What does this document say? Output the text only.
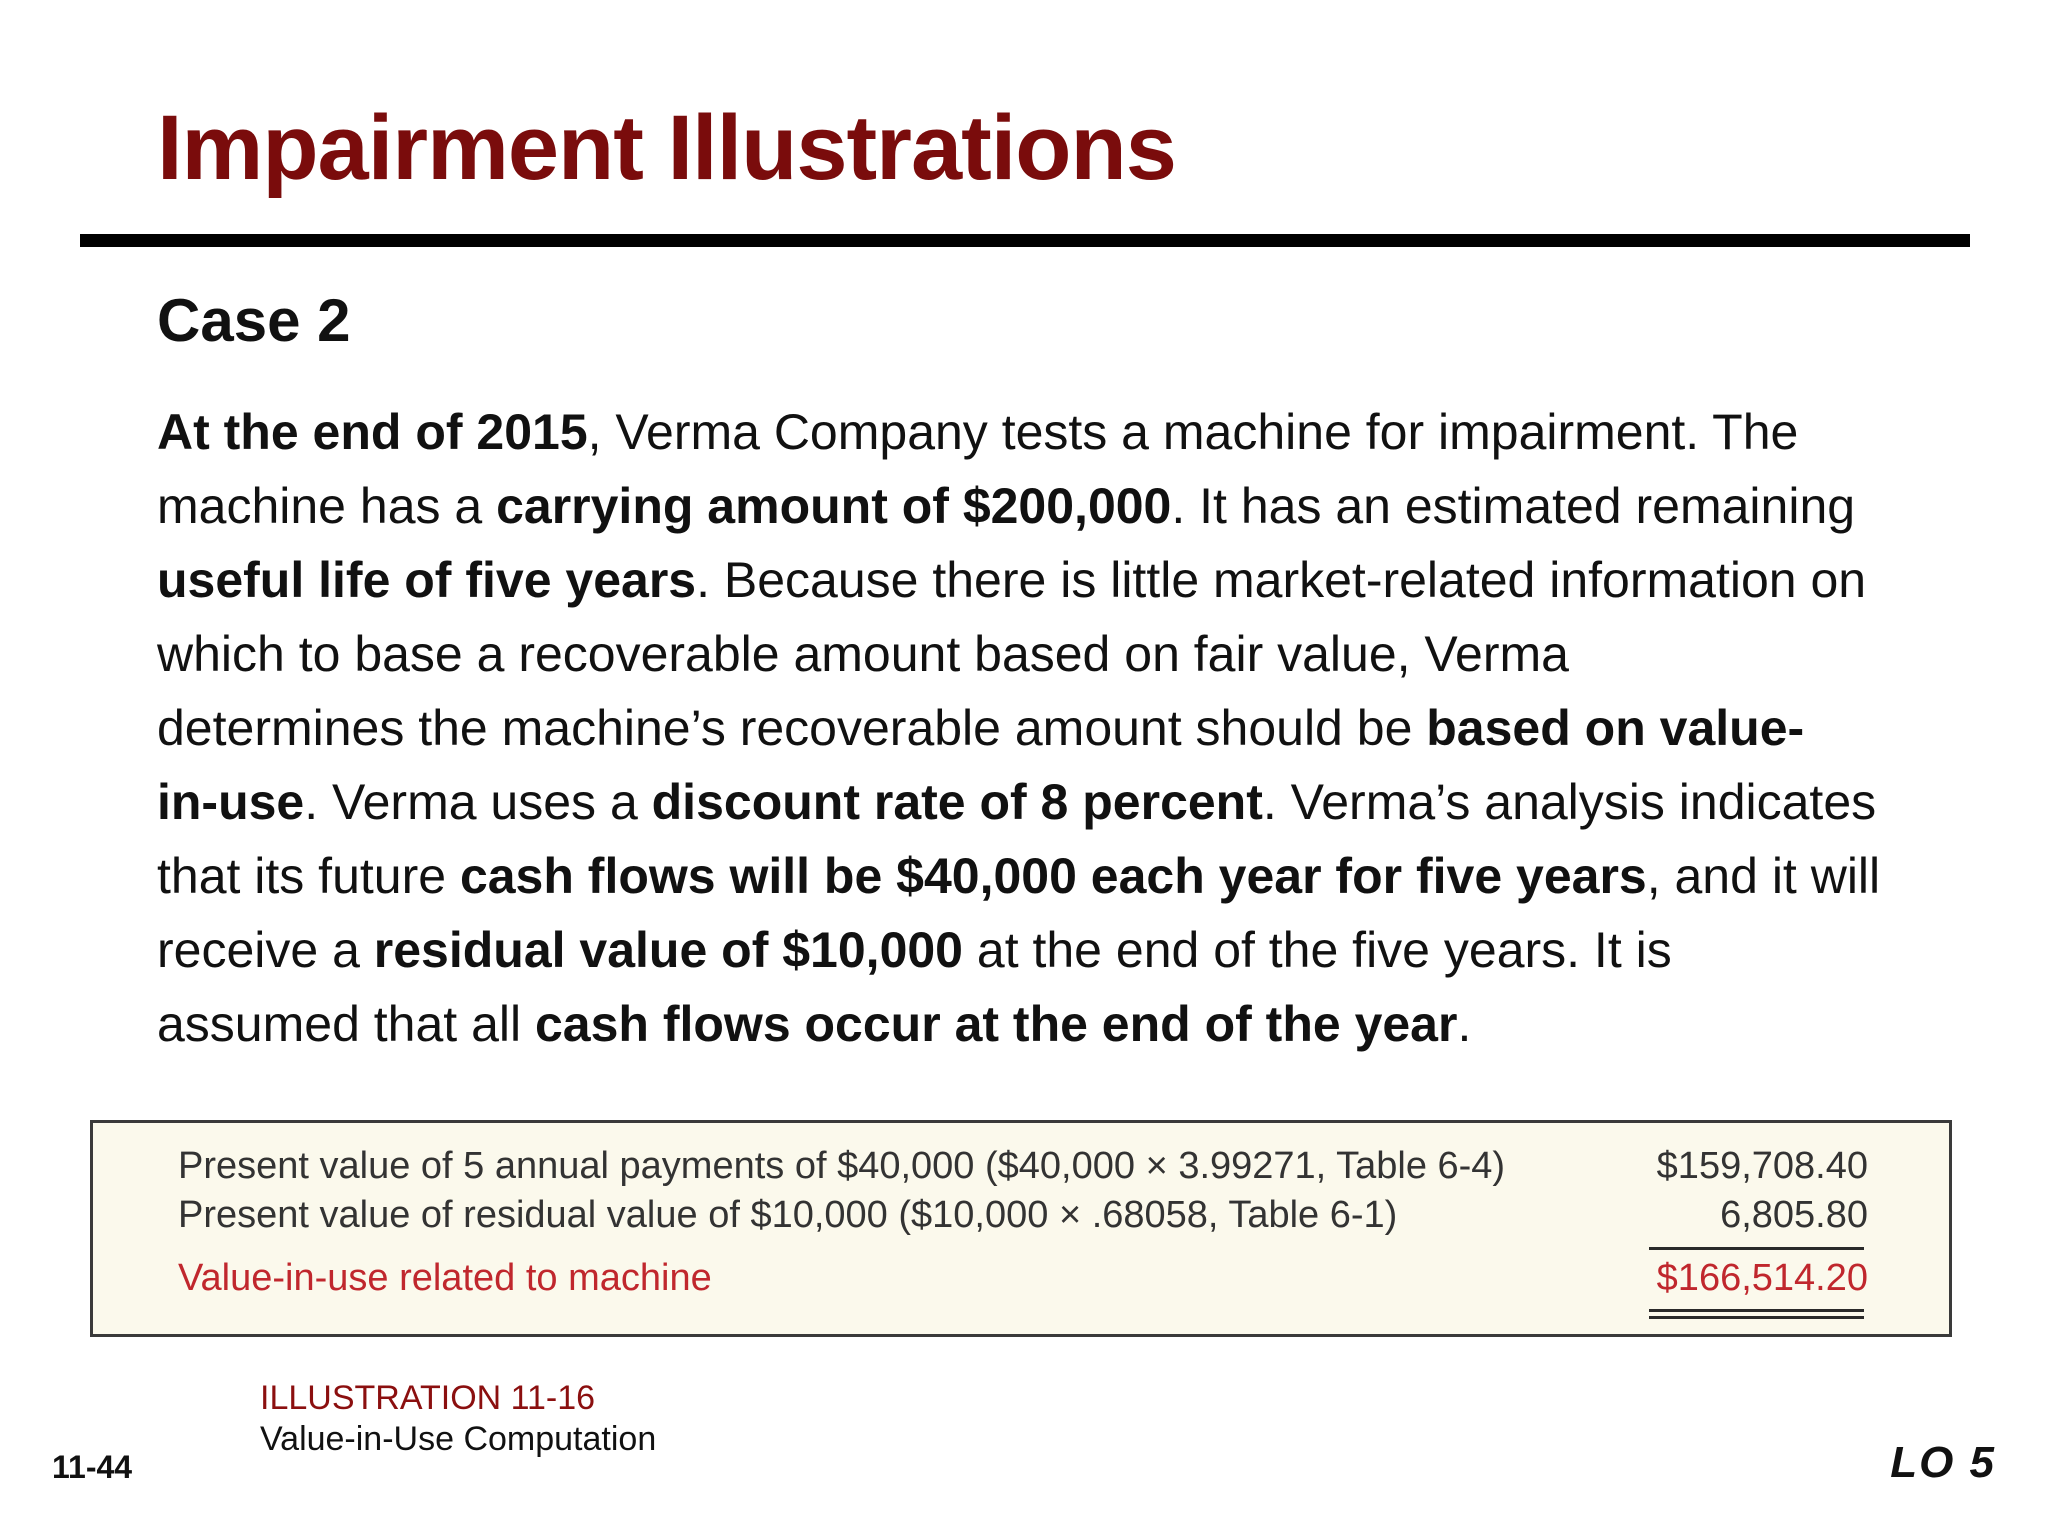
Impairment Illustrations
Case 2

At the end of 2015, Verma Company tests a machine for impairment. The
machine has a carrying amount of $200,000. It has an estimated remaining
useful life of five years. Because there is little market-related information on
which to base a recoverable amount based on fair value, Verma
determines the machine’s recoverable amount should be based on value-
in-use. Verma uses a discount rate of 8 percent. Verma’s analysis indicates
that its future cash flows will be $40,000 each year for five years, and it will
receive a residual value of $10,000 at the end of the five years. It is
assumed that all cash flows occur at the end of the year.

Present value of 5 annual payments of $40,000 ($40,000 × 3.99271, Table 6-4)	$159,708.40
Present value of residual value of $10,000 ($10,000 × .68058, Table 6-1)	6,805.80
Value-in-use related to machine	$166,514.20
ILLUSTRATION 11-16
Value-in-Use Computation
11-44	LO 5
